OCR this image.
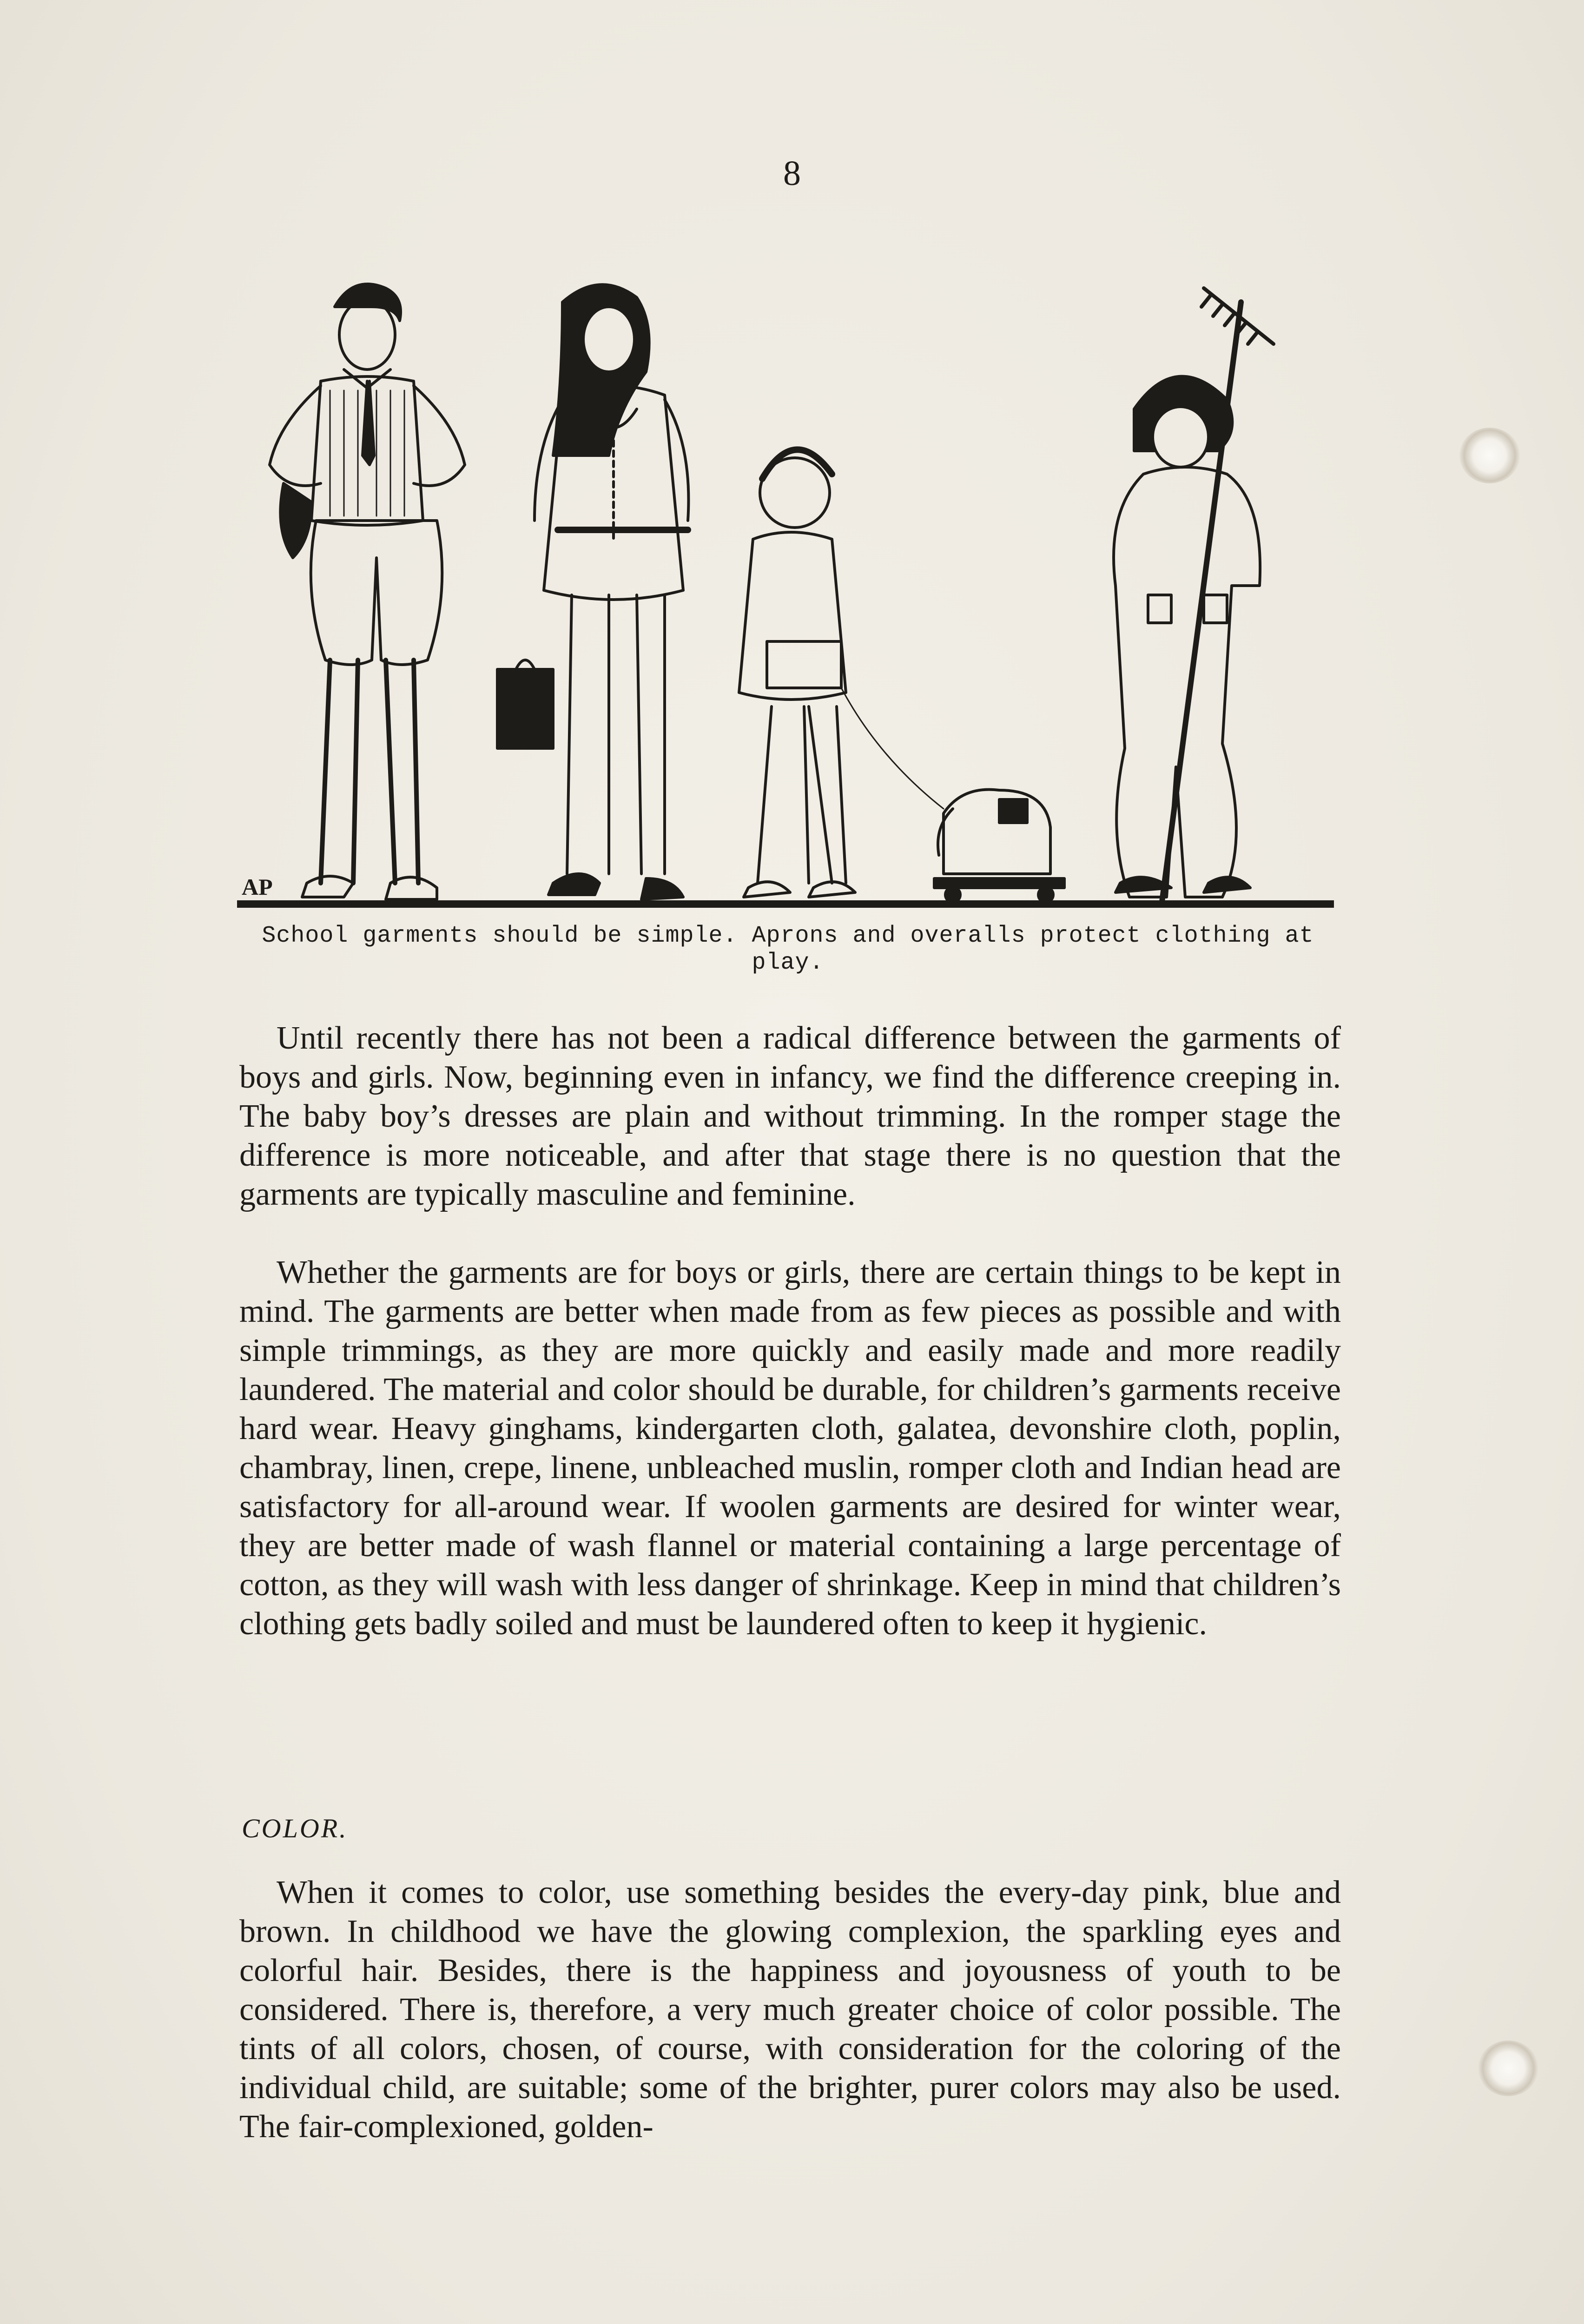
8
AP
School garments should be simple. Aprons and overalls protect clothing at play.

Until recently there has not been a radical difference between the garments of boys and girls. Now, beginning even in infancy, we find the difference creeping in. The baby boy’s dresses are plain and without trimming. In the romper stage the difference is more noticeable, and after that stage there is no question that the garments are typically masculine and feminine.

Whether the garments are for boys or girls, there are certain things to be kept in mind. The garments are better when made from as few pieces as possible and with simple trimmings, as they are more quickly and easily made and more readily laundered. The material and color should be durable, for children’s garments receive hard wear. Heavy ginghams, kindergarten cloth, galatea, devonshire cloth, poplin, chambray, linen, crepe, linene, unbleached muslin, romper cloth and Indian head are satisfactory for all-around wear. If woolen garments are desired for winter wear, they are better made of wash flannel or material containing a large percentage of cotton, as they will wash with less danger of shrinkage. Keep in mind that children’s clothing gets badly soiled and must be laundered often to keep it hygienic.

COLOR.

When it comes to color, use something besides the every-day pink, blue and brown. In childhood we have the glowing complexion, the sparkling eyes and colorful hair. Besides, there is the happiness and joyousness of youth to be considered. There is, therefore, a very much greater choice of color possible. The tints of all colors, chosen, of course, with consideration for the coloring of the individual child, are suitable; some of the brighter, purer colors may also be used. The fair-complexioned, golden-
